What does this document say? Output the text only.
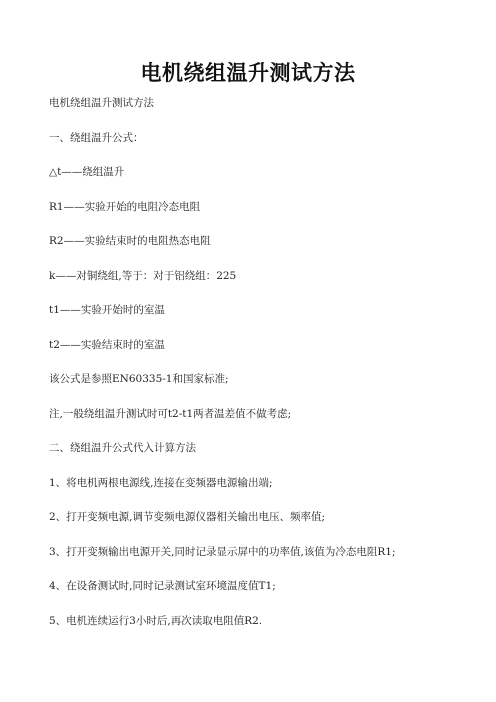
电机绕组温升测试方法
电机绕组温升测试方法
一、绕组温升公式：
△t——绕组温升
R1——实验开始的电阻冷态电阻
R2——实验结束时的电阻热态电阻
k——对铜绕组,等于：对于铝绕组：225
t1——实验开始时的室温
t2——实验结束时的室温
该公式是参照EN60335-1和国家标准;
注,一般绕组温升测试时可t2-t1两者温差值不做考虑;
二、绕组温升公式代入计算方法
1、将电机两根电源线,连接在变频器电源输出端;
2、打开变频电源,调节变频电源仪器相关输出电压、频率值;
3、打开变频输出电源开关,同时记录显示屏中的功率值,该值为冷态电阻R1;
4、在设备测试时,同时记录测试室环境温度值T1;
5、电机连续运行3小时后,再次读取电阻值R2.
